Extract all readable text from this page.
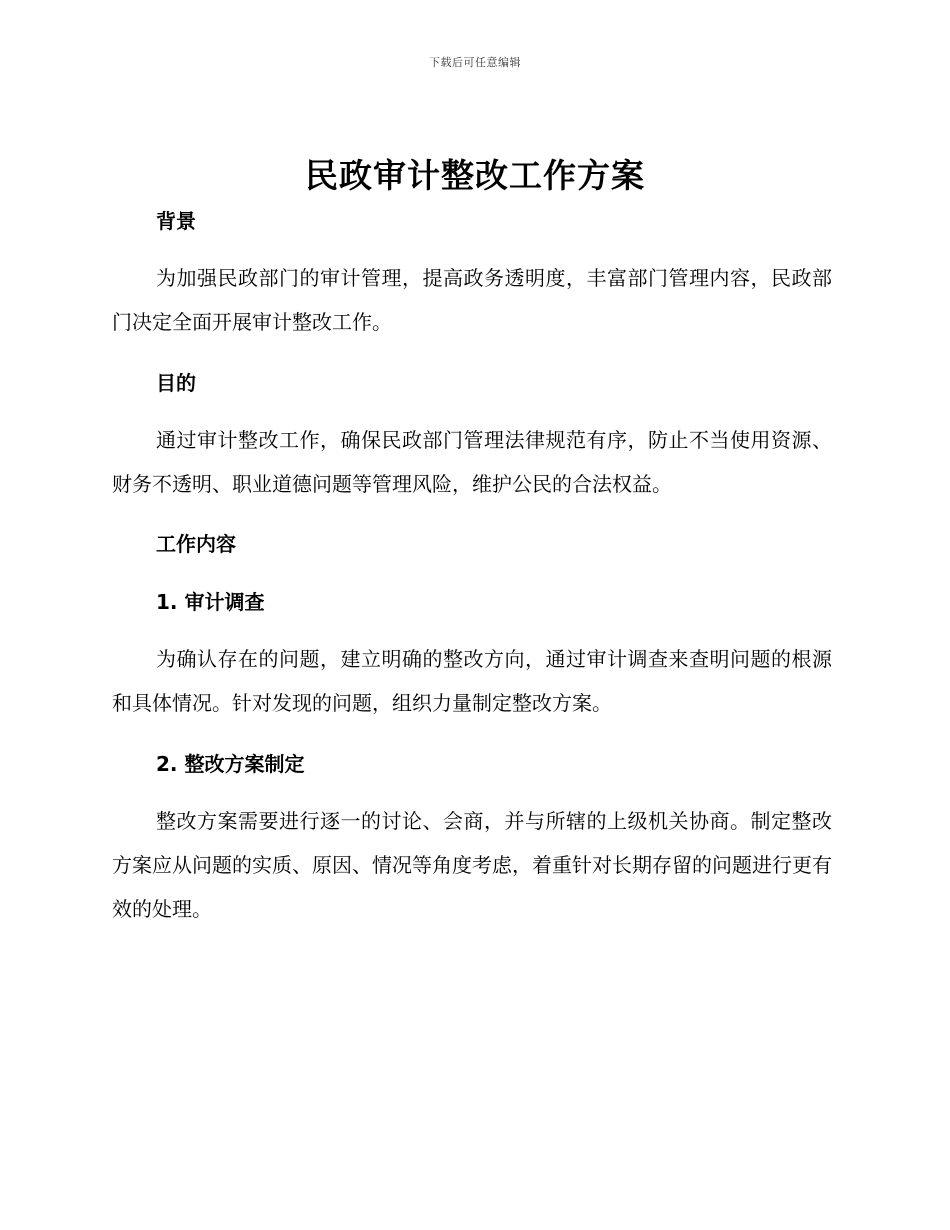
下载后可任意编辑
民政审计整改工作方案

背景

为加强民政部门的审计管理，提高政务透明度，丰富部门管理内容，民政部门决定全面开展审计整改工作。

目的

通过审计整改工作，确保民政部门管理法律规范有序，防止不当使用资源、财务不透明、职业道德问题等管理风险，维护公民的合法权益。

工作内容

1. 审计调查

为确认存在的问题，建立明确的整改方向，通过审计调查来查明问题的根源和具体情况。针对发现的问题，组织力量制定整改方案。

2. 整改方案制定

整改方案需要进行逐一的讨论、会商，并与所辖的上级机关协商。制定整改方案应从问题的实质、原因、情况等角度考虑，着重针对长期存留的问题进行更有效的处理。
